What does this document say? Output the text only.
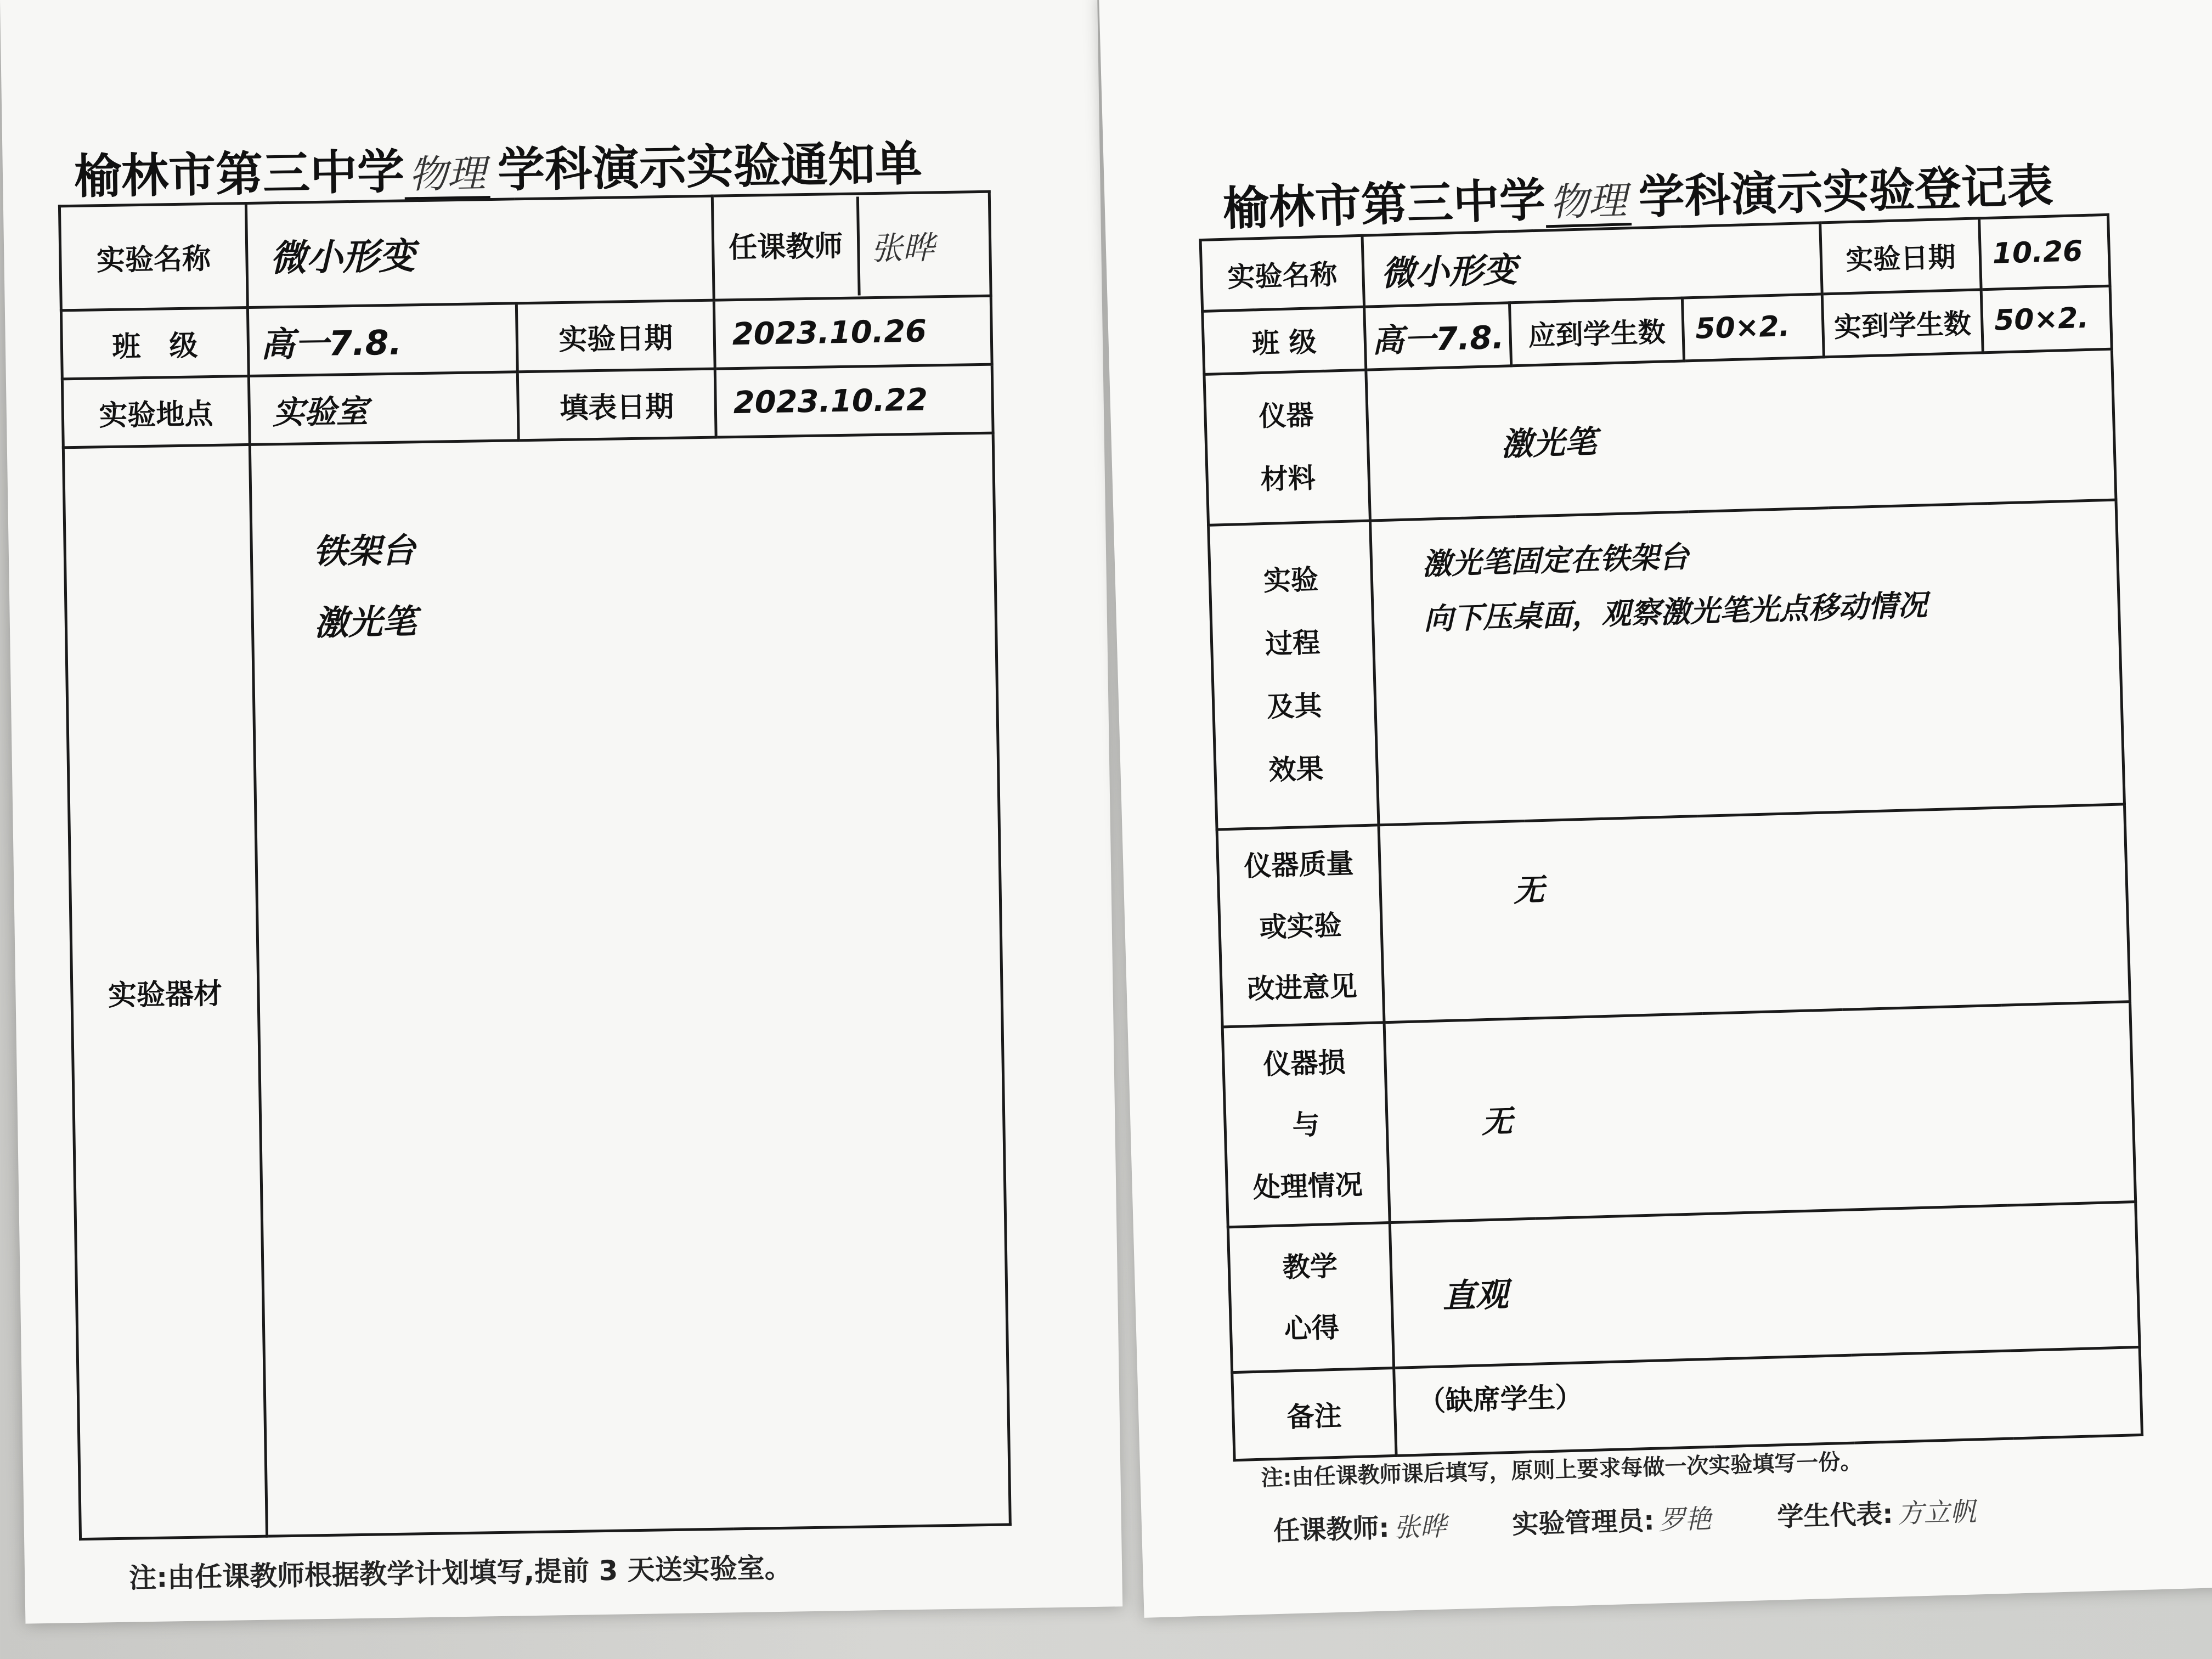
榆林市第三中学物理 学科演示实验通知单
实验名称	微小形变		任课教师 张晔

班　级	高一7.8.	实验日期	2023.10.26
实验地点	实验室	填表日期	2023.10.22
实验器材	铁架台
激光笔		
注:由任课教师根据教学计划填写,提前 3 天送实验室。
榆林市第三中学物理 学科演示实验登记表
实验名称	微小形变			实验日期	10.26
班 级	高一7.8.	应到学生数	50×2.	实到学生数	50×2.

仪器
材料	激光笔				

实验
过程
及其
效果	激光笔固定在铁架台
向下压桌面，观察激光笔光点移动情况				

仪器质量
或实验
改进意见	无				

仪器损
与
处理情况	无				

教学
心得	直观				
备注	（缺席学生）				
注:由任课教师课后填写，原则上要求每做一次实验填写一份。
任课教师: 张晔 实验管理员: 罗艳 学生代表: 方立帆
